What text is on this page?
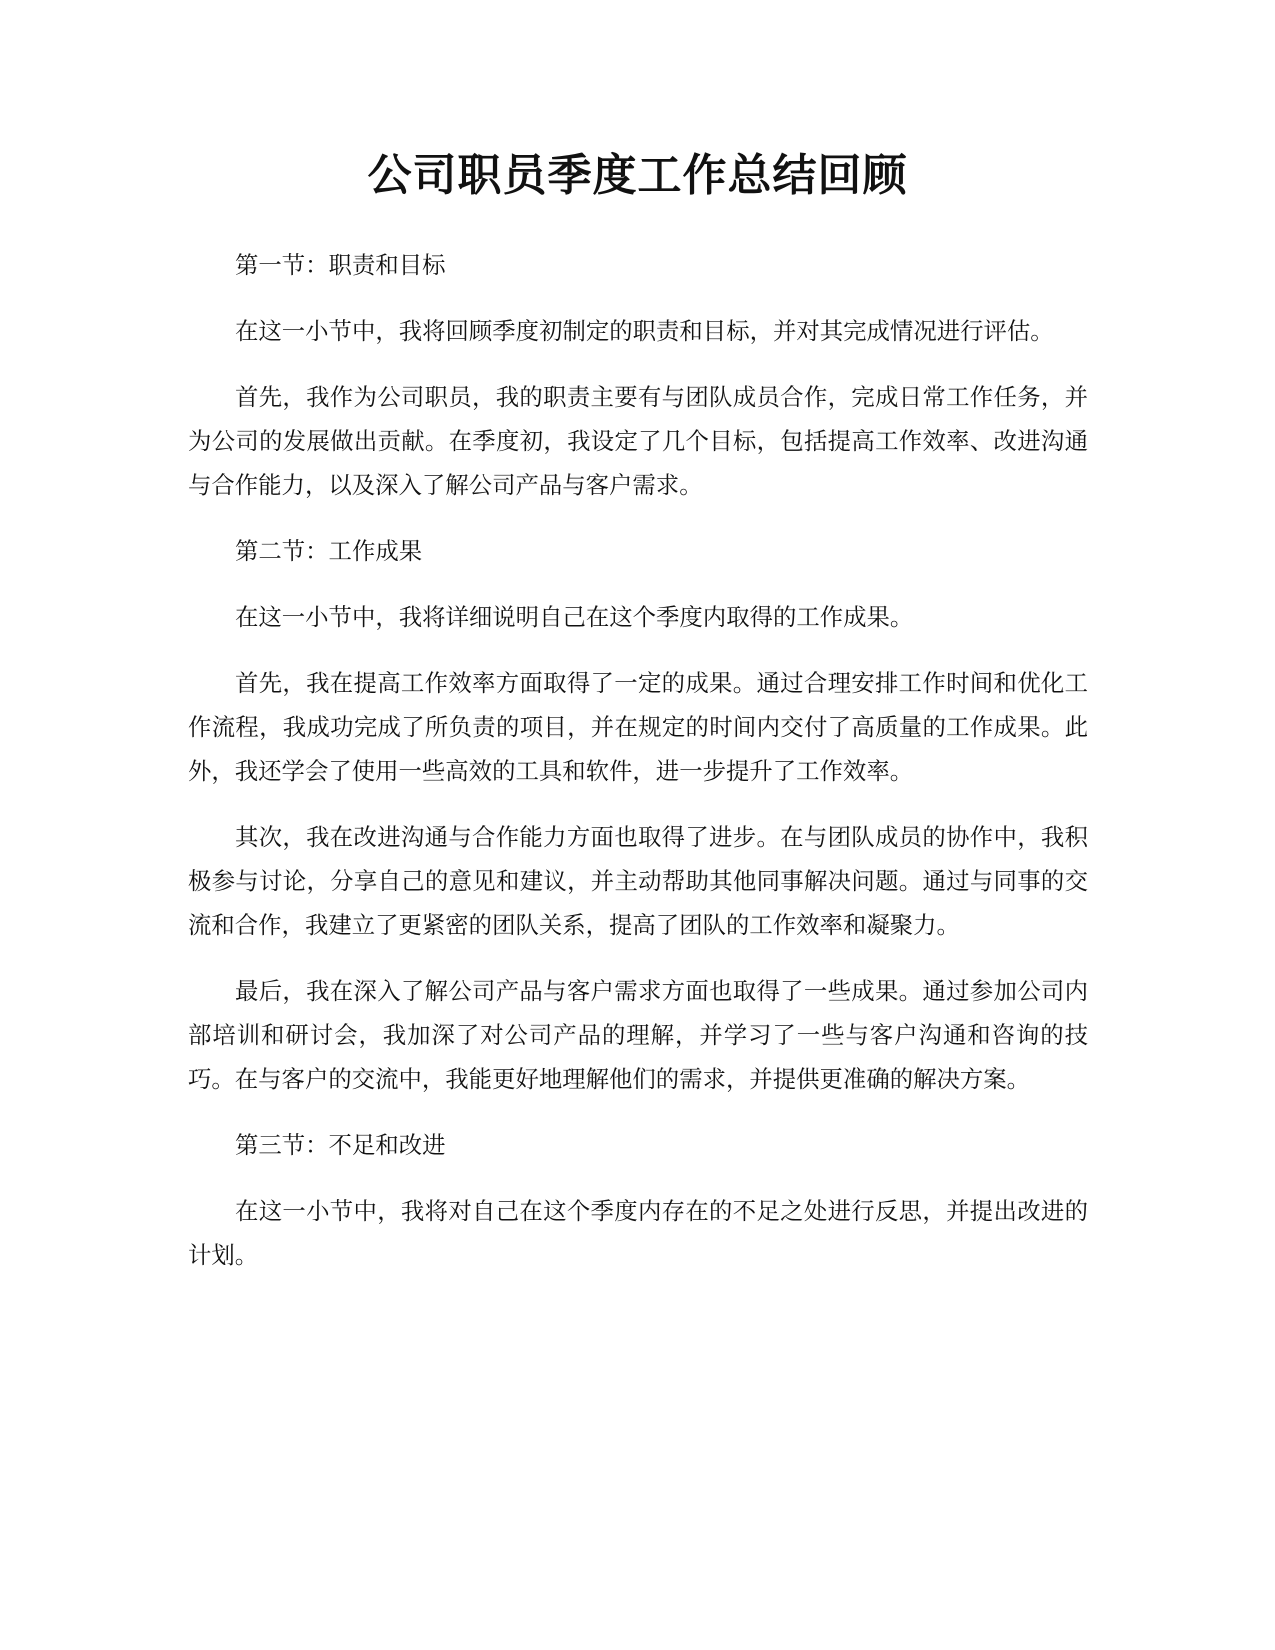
公司职员季度工作总结回顾

第一节：职责和目标

在这一小节中，我将回顾季度初制定的职责和目标，并对其完成情况进行评估。

首先，我作为公司职员，我的职责主要有与团队成员合作，完成日常工作任务，并为公司的发展做出贡献。在季度初，我设定了几个目标，包括提高工作效率、改进沟通与合作能力，以及深入了解公司产品与客户需求。

第二节：工作成果

在这一小节中，我将详细说明自己在这个季度内取得的工作成果。

首先，我在提高工作效率方面取得了一定的成果。通过合理安排工作时间和优化工作流程，我成功完成了所负责的项目，并在规定的时间内交付了高质量的工作成果。此外，我还学会了使用一些高效的工具和软件，进一步提升了工作效率。

其次，我在改进沟通与合作能力方面也取得了进步。在与团队成员的协作中，我积极参与讨论，分享自己的意见和建议，并主动帮助其他同事解决问题。通过与同事的交流和合作，我建立了更紧密的团队关系，提高了团队的工作效率和凝聚力。

最后，我在深入了解公司产品与客户需求方面也取得了一些成果。通过参加公司内部培训和研讨会，我加深了对公司产品的理解，并学习了一些与客户沟通和咨询的技巧。在与客户的交流中，我能更好地理解他们的需求，并提供更准确的解决方案。

第三节：不足和改进

在这一小节中，我将对自己在这个季度内存在的不足之处进行反思，并提出改进的计划。
